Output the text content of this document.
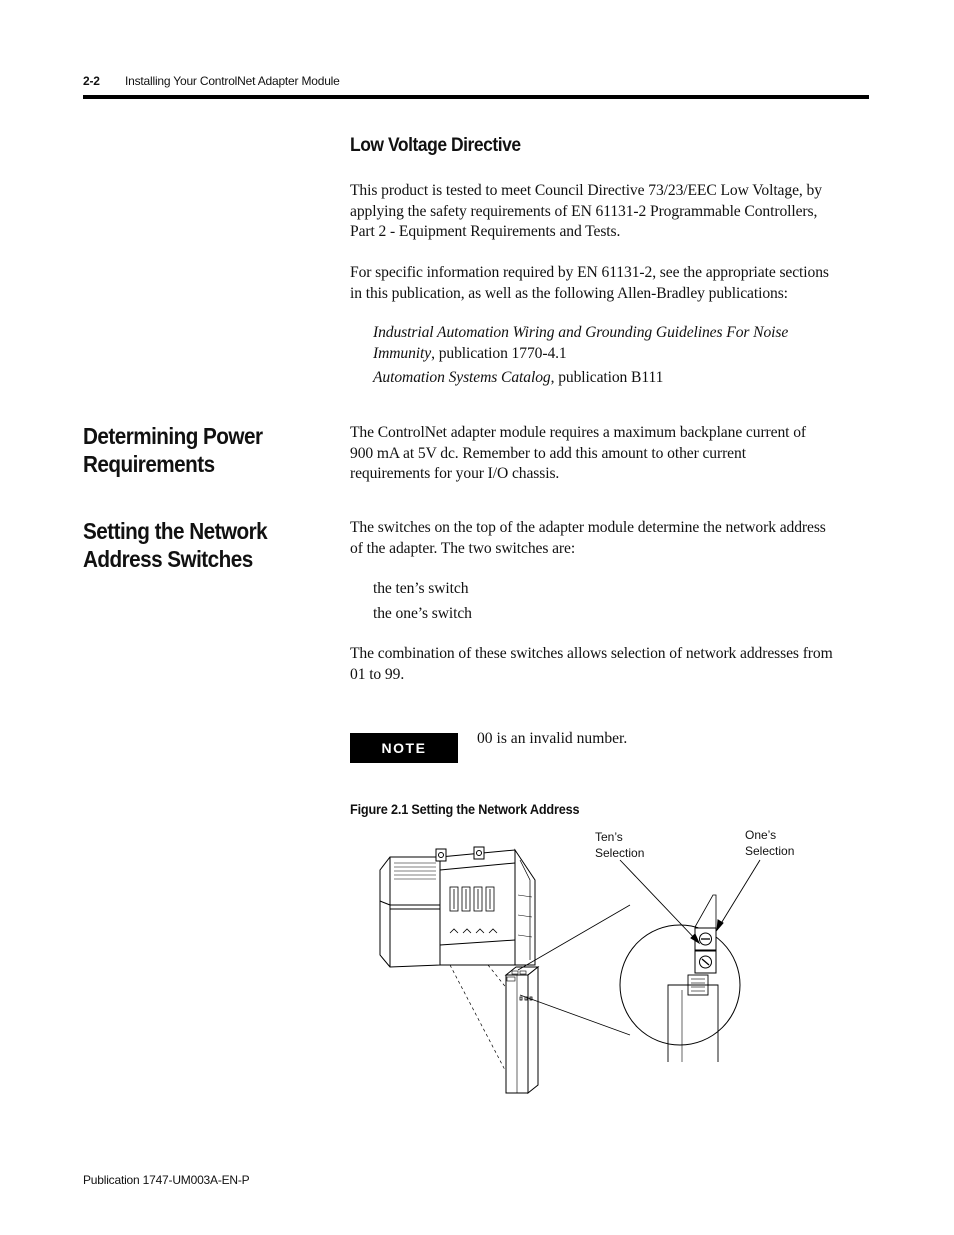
2-2 Installing Your ControlNet Adapter Module
Low Voltage Directive
This product is tested to meet Council Directive 73/23/EEC Low Voltage, by
applying the safety requirements of EN 61131-2 Programmable Controllers,
Part 2 - Equipment Requirements and Tests.
For specific information required by EN 61131-2, see the appropriate sections
in this publication, as well as the following Allen-Bradley publications:
Industrial Automation Wiring and Grounding Guidelines For Noise
Immunity, publication 1770-4.1
Automation Systems Catalog, publication B111
Determining Power
Requirements
The ControlNet adapter module requires a maximum backplane current of
900 mA at 5V dc. Remember to add this amount to other current
requirements for your I/O chassis.
Setting the Network
Address Switches
The switches on the top of the adapter module determine the network address
of the adapter. The two switches are:
the ten’s switch
the one’s switch
The combination of these switches allows selection of network addresses from
01 to 99.
NOTE
00 is an invalid number.
Figure 2.1 Setting the Network Address
Ten’s
Selection
One’s
Selection
Publication 1747-UM003A-EN-P
